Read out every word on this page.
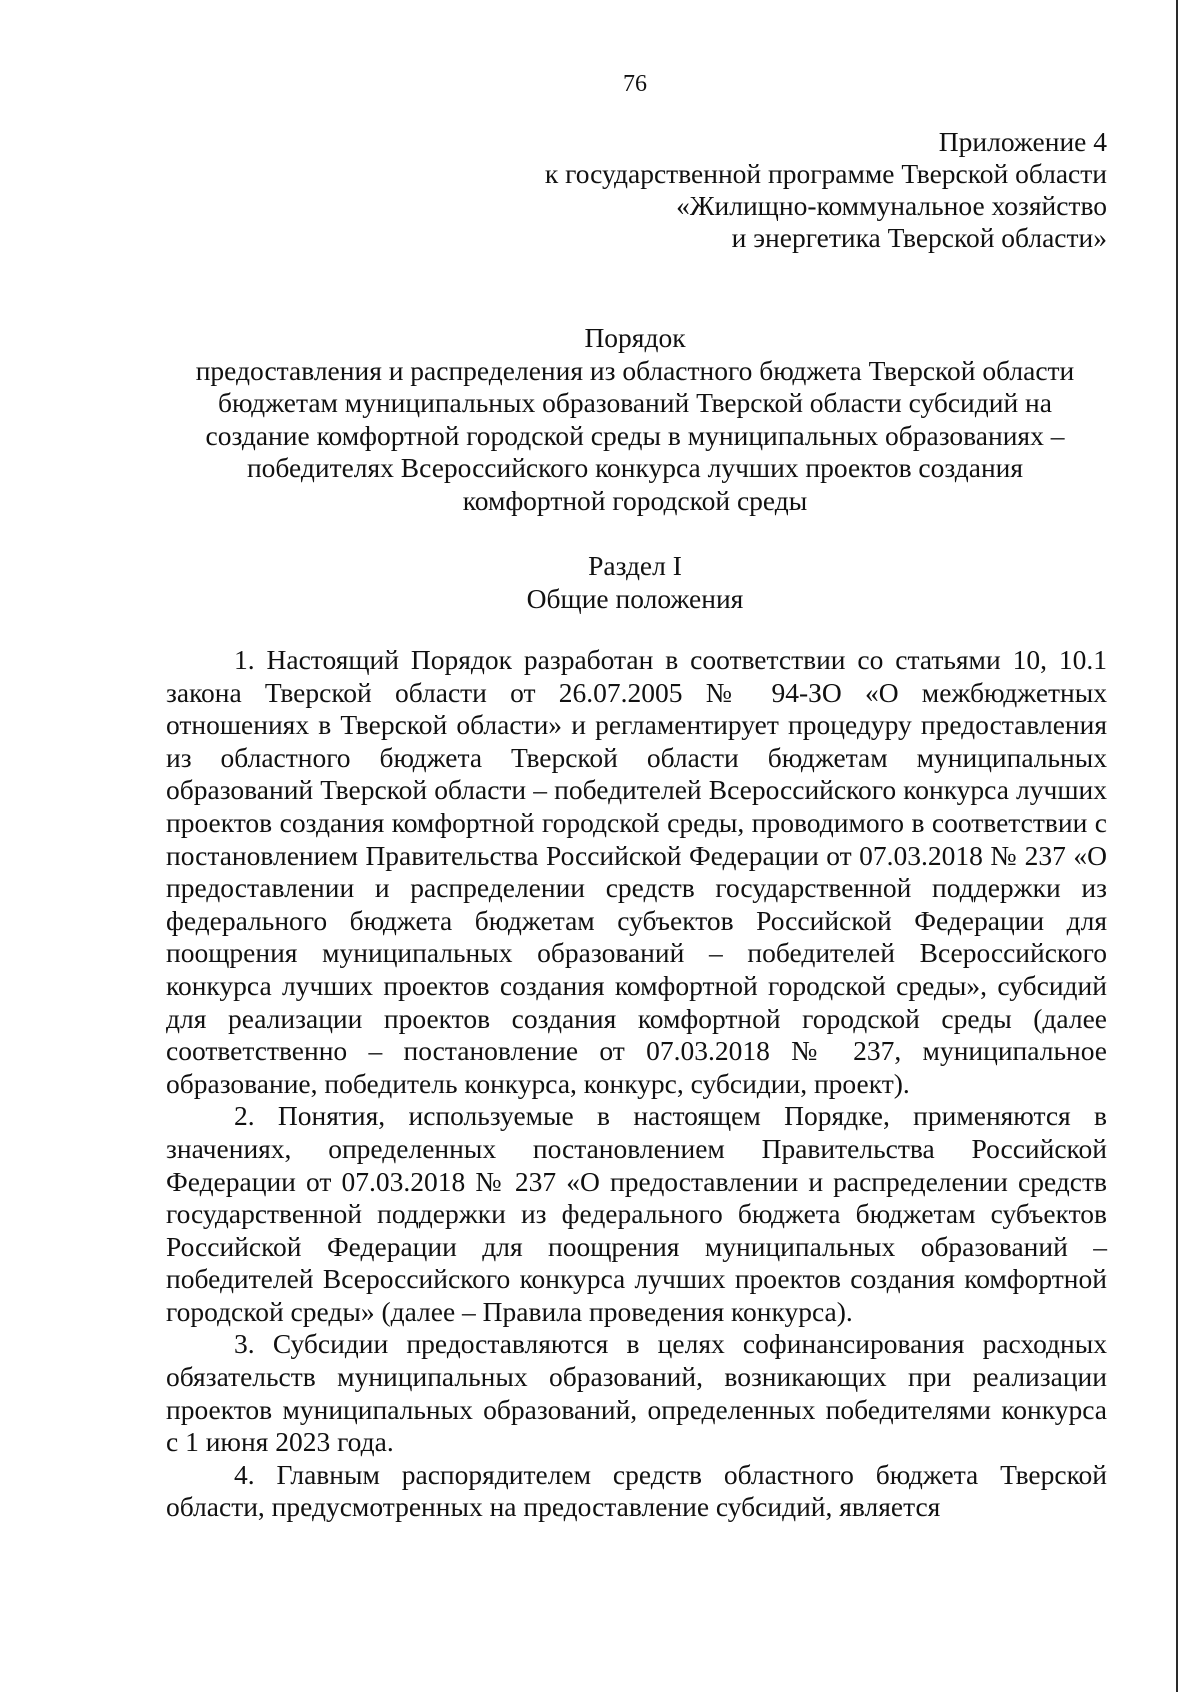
76
Приложение 4
к государственной программе Тверской области
«Жилищно-коммунальное хозяйство
и энергетика Тверской области»
Порядок
предоставления и распределения из областного бюджета Тверской области
бюджетам муниципальных образований Тверской области субсидий на
создание комфортной городской среды в муниципальных образованиях –
победителях Всероссийского конкурса лучших проектов создания
комфортной городской среды
Раздел I
Общие положения

1. Настоящий Порядок разработан в соответствии со статьями 10, 10.1 закона Тверской области от 26.07.2005 № 94-ЗО «О межбюджетных отношениях в Тверской области» и регламентирует процедуру предоставления из областного бюджета Тверской области бюджетам муниципальных образований Тверской области – победителей Всероссийского конкурса лучших проектов создания комфортной городской среды, проводимого в соответствии с постановлением Правительства Российской Федерации от 07.03.2018 № 237 «О предоставлении и распределении средств государственной поддержки из федерального бюджета бюджетам субъектов Российской Федерации для поощрения муниципальных образований – победителей Всероссийского конкурса лучших проектов создания комфортной городской среды», субсидий для реализации проектов создания комфортной городской среды (далее соответственно – постановление от 07.03.2018 № 237, муниципальное образование, победитель конкурса, конкурс, субсидии, проект).

2. Понятия, используемые в настоящем Порядке, применяются в значениях, определенных постановлением Правительства Российской Федерации от 07.03.2018 № 237 «О предоставлении и распределении средств государственной поддержки из федерального бюджета бюджетам субъектов Российской Федерации для поощрения муниципальных образований – победителей Всероссийского конкурса лучших проектов создания комфортной городской среды» (далее – Правила проведения конкурса).

3. Субсидии предоставляются в целях софинансирования расходных обязательств муниципальных образований, возникающих при реализации проектов муниципальных образований, определенных победителями конкурса с 1 июня 2023 года.

4. Главным распорядителем средств областного бюджета Тверской области, предусмотренных на предоставление субсидий, является
